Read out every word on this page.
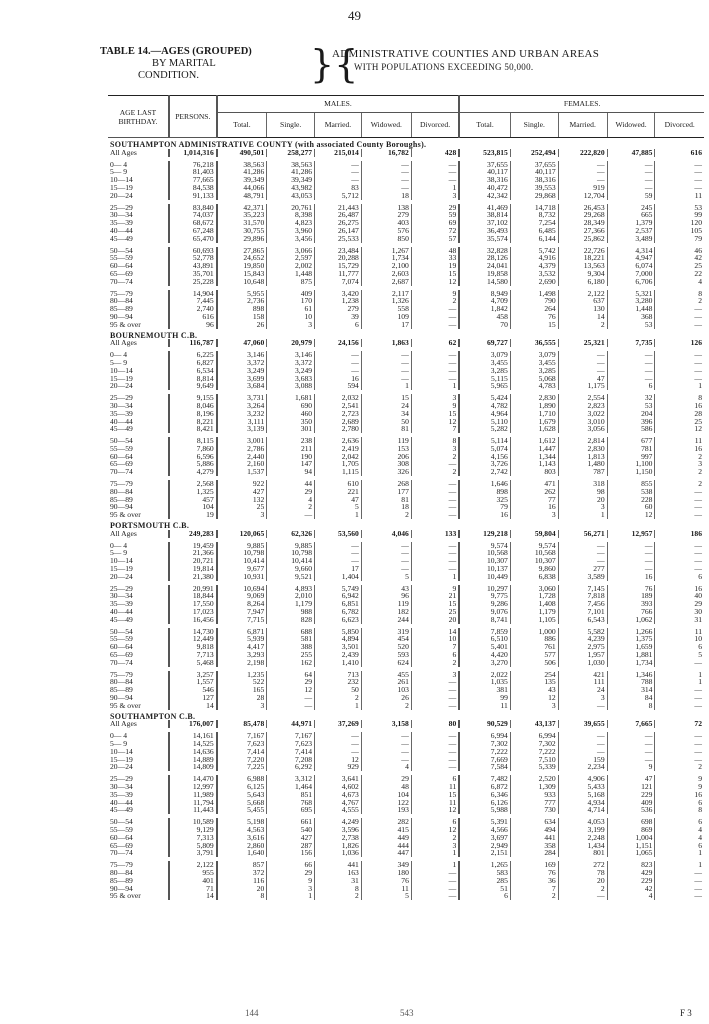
49
TABLE 14.—AGES (GROUPED)
BY MARITAL
CONDITION.	}{
ADMINISTRATIVE COUNTIES AND URBAN AREAS
WITH POPULATIONS EXCEEDING 50,000.
AGE LAST BIRTHDAY.	PERSONS.	MALES.					FEMALES.				
		Total.	Single.	Married.	Widowed.	Divorced.	Total.	Single.	Married.	Widowed.	Divorced.
SOUTHAMPTON ADMINISTRATIVE COUNTY (with associated County Boroughs).											
All Ages	1,014,316	490,501	258,277	215,014	16,782	428	523,815	252,494	222,820	47,885	616

0— 4	76,218	38,563	38,563	—	—	—	37,655	37,655	—	—	—
5— 9	81,403	41,286	41,286	—	—	—	40,117	40,117	—	—	—
10—14	77,665	39,349	39,349	—	—	—	38,316	38,316	—	—	—
15—19	84,538	44,066	43,982	83	—	1	40,472	39,553	919	—	—
20—24	91,133	48,791	43,053	5,712	18	3	42,342	29,868	12,704	59	11

25—29	83,840	42,371	20,761	21,443	138	29	41,469	14,718	26,453	245	53
30—34	74,037	35,223	8,398	26,487	279	59	38,814	8,732	29,268	665	99
35—39	68,672	31,570	4,823	26,275	403	69	37,102	7,254	28,349	1,379	120
40—44	67,248	30,755	3,960	26,147	576	72	36,493	6,485	27,366	2,537	105
45—49	65,470	29,896	3,456	25,533	850	57	35,574	6,144	25,862	3,489	79

50—54	60,693	27,865	3,066	23,484	1,267	48	32,828	5,742	22,726	4,314	46
55—59	52,778	24,652	2,597	20,288	1,734	33	28,126	4,916	18,221	4,947	42
60—64	43,891	19,850	2,002	15,729	2,100	19	24,041	4,379	13,563	6,074	25
65—69	35,701	15,843	1,448	11,777	2,603	15	19,858	3,532	9,304	7,000	22
70—74	25,228	10,648	875	7,074	2,687	12	14,580	2,690	6,180	6,706	4

75—79	14,904	5,955	409	3,420	2,117	9	8,949	1,498	2,122	5,321	8
80—84	7,445	2,736	170	1,238	1,326	2	4,709	790	637	3,280	2
85—89	2,740	898	61	279	558	—	1,842	264	130	1,448	—
90—94	616	158	10	39	109	—	458	76	14	368	—
95 & over	96	26	3	6	17	—	70	15	2	53	—
BOURNEMOUTH C.B.											
All Ages	116,787	47,060	20,979	24,156	1,863	62	69,727	36,555	25,321	7,735	126

0— 4	6,225	3,146	3,146	—	—	—	3,079	3,079	—	—	—
5— 9	6,827	3,372	3,372	—	—	—	3,455	3,455	—	—	—
10—14	6,534	3,249	3,249	—	—	—	3,285	3,285	—	—	—
15—19	8,814	3,699	3,683	16	—	—	5,115	5,068	47	—	—
20—24	9,649	3,684	3,088	594	1	1	5,965	4,783	1,175	6	1

25—29	9,155	3,731	1,681	2,032	15	3	5,424	2,830	2,554	32	8
30—34	8,046	3,264	690	2,541	24	9	4,782	1,890	2,823	53	16
35—39	8,196	3,232	460	2,723	34	15	4,964	1,710	3,022	204	28
40—44	8,221	3,111	350	2,689	50	12	5,110	1,679	3,010	396	25
45—49	8,421	3,139	301	2,780	81	7	5,282	1,628	3,056	586	12

50—54	8,115	3,001	238	2,636	119	8	5,114	1,612	2,814	677	11
55—59	7,860	2,786	211	2,419	153	3	5,074	1,447	2,830	781	16
60—64	6,596	2,440	190	2,042	206	2	4,156	1,344	1,813	997	2
65—69	5,886	2,160	147	1,705	308	—	3,726	1,143	1,480	1,100	3
70—74	4,279	1,537	94	1,115	326	2	2,742	803	787	1,150	2

75—79	2,568	922	44	610	268	—	1,646	471	318	855	2
80—84	1,325	427	29	221	177	—	898	262	98	538	—
85—89	457	132	4	47	81	—	325	77	20	228	—
90—94	104	25	2	5	18	—	79	16	3	60	—
95 & over	19	3	—	1	2	—	16	3	1	12	—
PORTSMOUTH C.B.											
All Ages	249,283	120,065	62,326	53,560	4,046	133	129,218	59,804	56,271	12,957	186

0— 4	19,459	9,885	9,885	—	—	—	9,574	9,574	—	—	—
5— 9	21,366	10,798	10,798	—	—	—	10,568	10,568	—	—	—
10—14	20,721	10,414	10,414	—	—	—	10,307	10,307	—	—	—
15—19	19,814	9,677	9,660	17	—	—	10,137	9,860	277	—	—
20—24	21,380	10,931	9,521	1,404	5	1	10,449	6,838	3,589	16	6

25—29	20,991	10,694	4,893	5,749	43	9	10,297	3,060	7,145	76	16
30—34	18,844	9,069	2,010	6,942	96	21	9,775	1,728	7,818	189	40
35—39	17,550	8,264	1,179	6,851	119	15	9,286	1,408	7,456	393	29
40—44	17,023	7,947	988	6,782	182	25	9,076	1,179	7,101	766	30
45—49	16,456	7,715	828	6,623	244	20	8,741	1,105	6,543	1,062	31

50—54	14,730	6,871	688	5,850	319	14	7,859	1,000	5,582	1,266	11
55—59	12,449	5,939	581	4,894	454	10	6,510	886	4,239	1,375	10
60—64	9,818	4,417	388	3,501	520	7	5,401	761	2,975	1,659	6
65—69	7,713	3,293	255	2,439	593	6	4,420	577	1,957	1,881	5
70—74	5,468	2,198	162	1,410	624	2	3,270	506	1,030	1,734	—

75—79	3,257	1,235	64	713	455	3	2,022	254	421	1,346	1
80—84	1,557	522	29	232	261	—	1,035	135	111	788	1
85—89	546	165	12	50	103	—	381	43	24	314	—
90—94	127	28	—	2	26	—	99	12	3	84	—
95 & over	14	3	—	1	2	—	11	3	—	8	—
SOUTHAMPTON C.B.											
All Ages	176,007	85,478	44,971	37,269	3,158	80	90,529	43,137	39,655	7,665	72

0— 4	14,161	7,167	7,167	—	—	—	6,994	6,994	—	—	—
5— 9	14,525	7,623	7,623	—	—	—	7,302	7,302	—	—	—
10—14	14,636	7,414	7,414	—	—	—	7,222	7,222	—	—	—
15—19	14,889	7,220	7,208	12	—	—	7,669	7,510	159	—	—
20—24	14,809	7,225	6,292	929	4	—	7,584	5,339	2,234	9	2

25—29	14,470	6,988	3,312	3,641	29	6	7,482	2,520	4,906	47	9
30—34	12,997	6,125	1,464	4,602	48	11	6,872	1,309	5,433	121	9
35—39	11,989	5,643	851	4,673	104	15	6,346	933	5,168	229	16
40—44	11,794	5,668	768	4,767	122	11	6,126	777	4,934	409	6
45—49	11,443	5,455	695	4,555	193	12	5,988	730	4,714	536	8

50—54	10,589	5,198	661	4,249	282	6	5,391	634	4,053	698	6
55—59	9,129	4,563	540	3,596	415	12	4,566	494	3,199	869	4
60—64	7,313	3,616	427	2,738	449	2	3,697	441	2,248	1,004	4
65—69	5,809	2,860	287	1,826	444	3	2,949	358	1,434	1,151	6
70—74	3,791	1,640	156	1,036	447	1	2,151	284	801	1,065	1

75—79	2,122	857	66	441	349	1	1,265	169	272	823	1
80—84	955	372	29	163	180	—	583	76	78	429	—
85—89	401	116	9	31	76	—	285	36	20	229	—
90—94	71	20	3	8	11	—	51	7	2	42	—
95 & over	14	8	1	2	5	—	6	2	—	4	—
144	543	F 3
